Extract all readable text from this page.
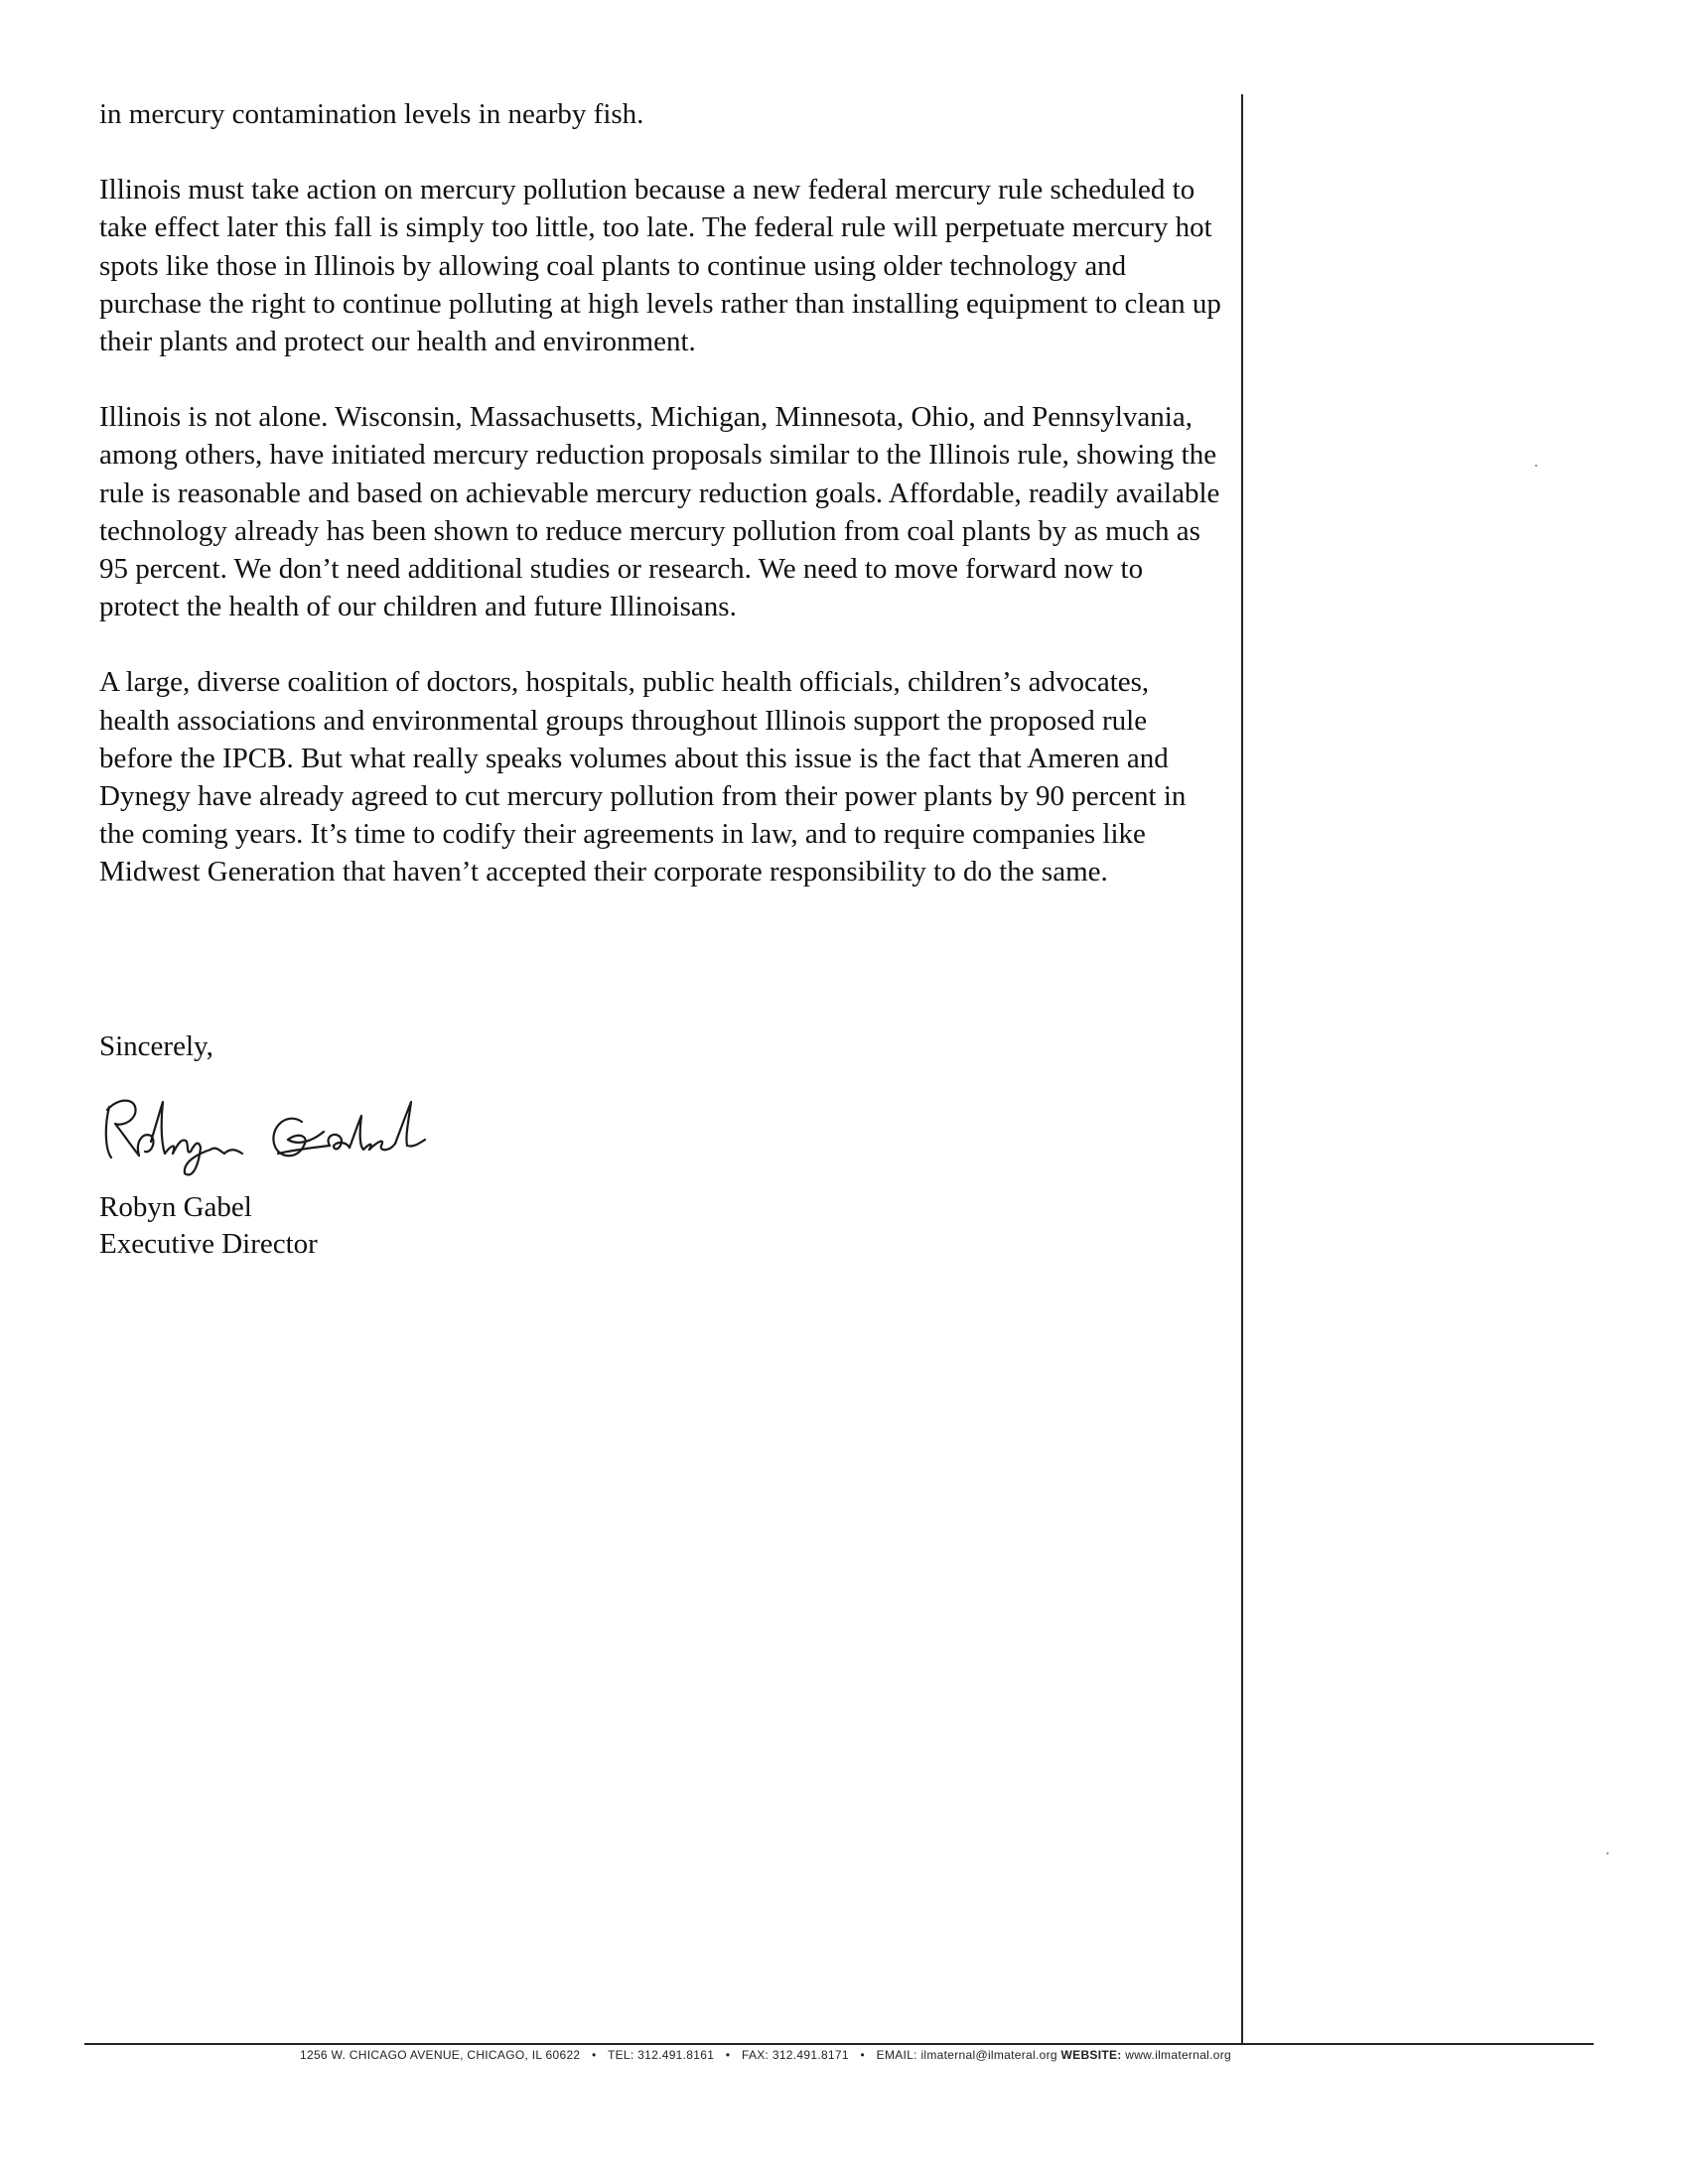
in mercury contamination levels in nearby fish.

Illinois must take action on mercury pollution because a new federal mercury rule scheduled to take effect later this fall is simply too little, too late. The federal rule will perpetuate mercury hot spots like those in Illinois by allowing coal plants to continue using older technology and purchase the right to continue polluting at high levels rather than installing equipment to clean up their plants and protect our health and environment.

Illinois is not alone. Wisconsin, Massachusetts, Michigan, Minnesota, Ohio, and Pennsylvania, among others, have initiated mercury reduction proposals similar to the Illinois rule, showing the rule is reasonable and based on achievable mercury reduction goals. Affordable, readily available technology already has been shown to reduce mercury pollution from coal plants by as much as 95 percent. We don’t need additional studies or research. We need to move forward now to protect the health of our children and future Illinoisans.

A large, diverse coalition of doctors, hospitals, public health officials, children’s advocates, health associations and environmental groups throughout Illinois support the proposed rule before the IPCB. But what really speaks volumes about this issue is the fact that Ameren and Dynegy have already agreed to cut mercury pollution from their power plants by 90 percent in the coming years. It’s time to codify their agreements in law, and to require companies like Midwest Generation that haven’t accepted their corporate responsibility to do the same.

Sincerely,
Robyn Gabel
Executive Director
1256 W. CHICAGO AVENUE, CHICAGO, IL 60622 • TEL: 312.491.8161 • FAX: 312.491.8171 • EMAIL: ilmaternal@ilmateral.org WEBSITE: www.ilmaternal.org
